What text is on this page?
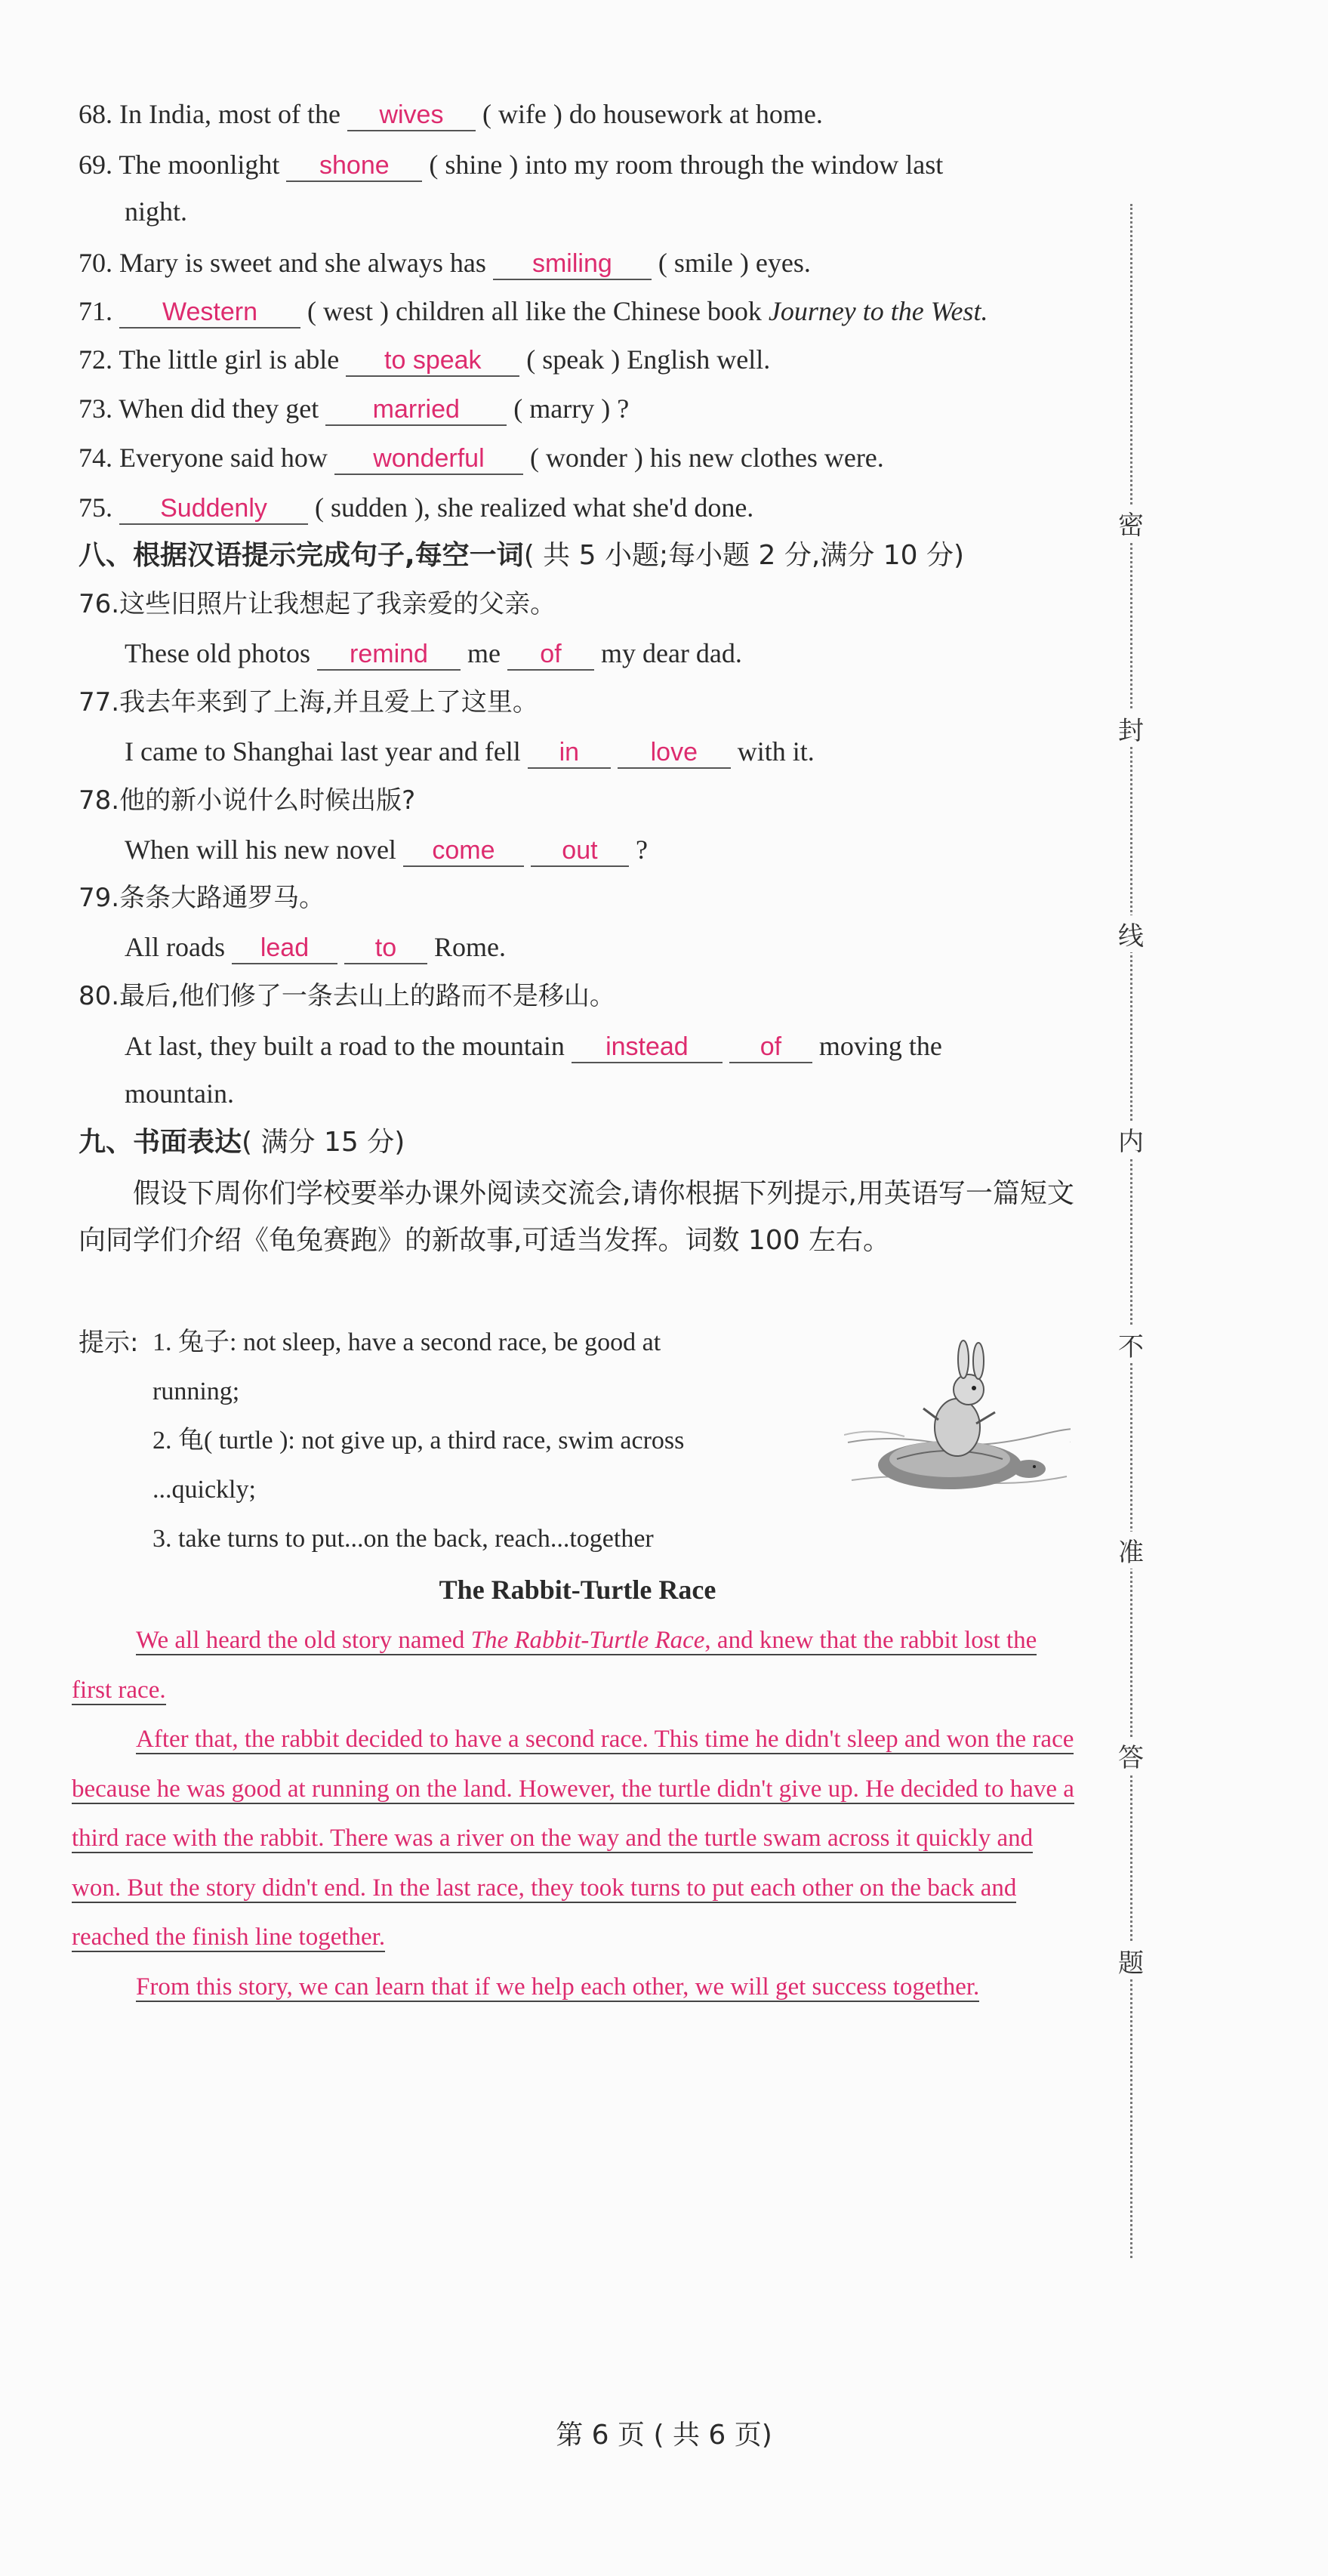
68. In India, most of the wives ( wife ) do housework at home.
69. The moonlight shone ( shine ) into my room through the window last
night.
70. Mary is sweet and she always has smiling ( smile ) eyes.
71. Western ( west ) children all like the Chinese book Journey to the West.
72. The little girl is able to speak ( speak ) English well.
73. When did they get married ( marry ) ?
74. Everyone said how wonderful ( wonder ) his new clothes were.
75. Suddenly ( sudden ), she realized what she'd done.
八、根据汉语提示完成句子,每空一词( 共 5 小题;每小题 2 分,满分 10 分)
76.这些旧照片让我想起了我亲爱的父亲。
These old photos remind me of my dear dad.
77.我去年来到了上海,并且爱上了这里。
I came to Shanghai last year and fell in	love with it.
78.他的新小说什么时候出版?
When will his new novel come	out ?
79.条条大路通罗马。
All roads lead	to Rome.
80.最后,他们修了一条去山上的路而不是移山。
At last, they built a road to the mountain instead	of moving the
mountain.
九、书面表达( 满分 15 分)
假设下周你们学校要举办课外阅读交流会,请你根据下列提示,用英语写一篇短文向同学们介绍《龟兔赛跑》的新故事,可适当发挥。词数 100 左右。
提示: 1. 兔子: not sleep, have a second race, be good at
running;
2. 龟( turtle ): not give up, a third race, swim across
...quickly;
3. take turns to put...on the back, reach...together
The Rabbit-Turtle Race

We all heard the old story named The Rabbit-Turtle Race, and knew that the rabbit lost the first race.

After that, the rabbit decided to have a second race. This time he didn't sleep and won the race because he was good at running on the land. However, the turtle didn't give up. He decided to have a third race with the rabbit. There was a river on the way and the turtle swam across it quickly and won. But the story didn't end. In the last race, they took turns to put each other on the back and reached the finish line together.

From this story, we can learn that if we help each other, we will get success together.

密
封
线
内
不
准
答
题
第 6 页 ( 共 6 页)
